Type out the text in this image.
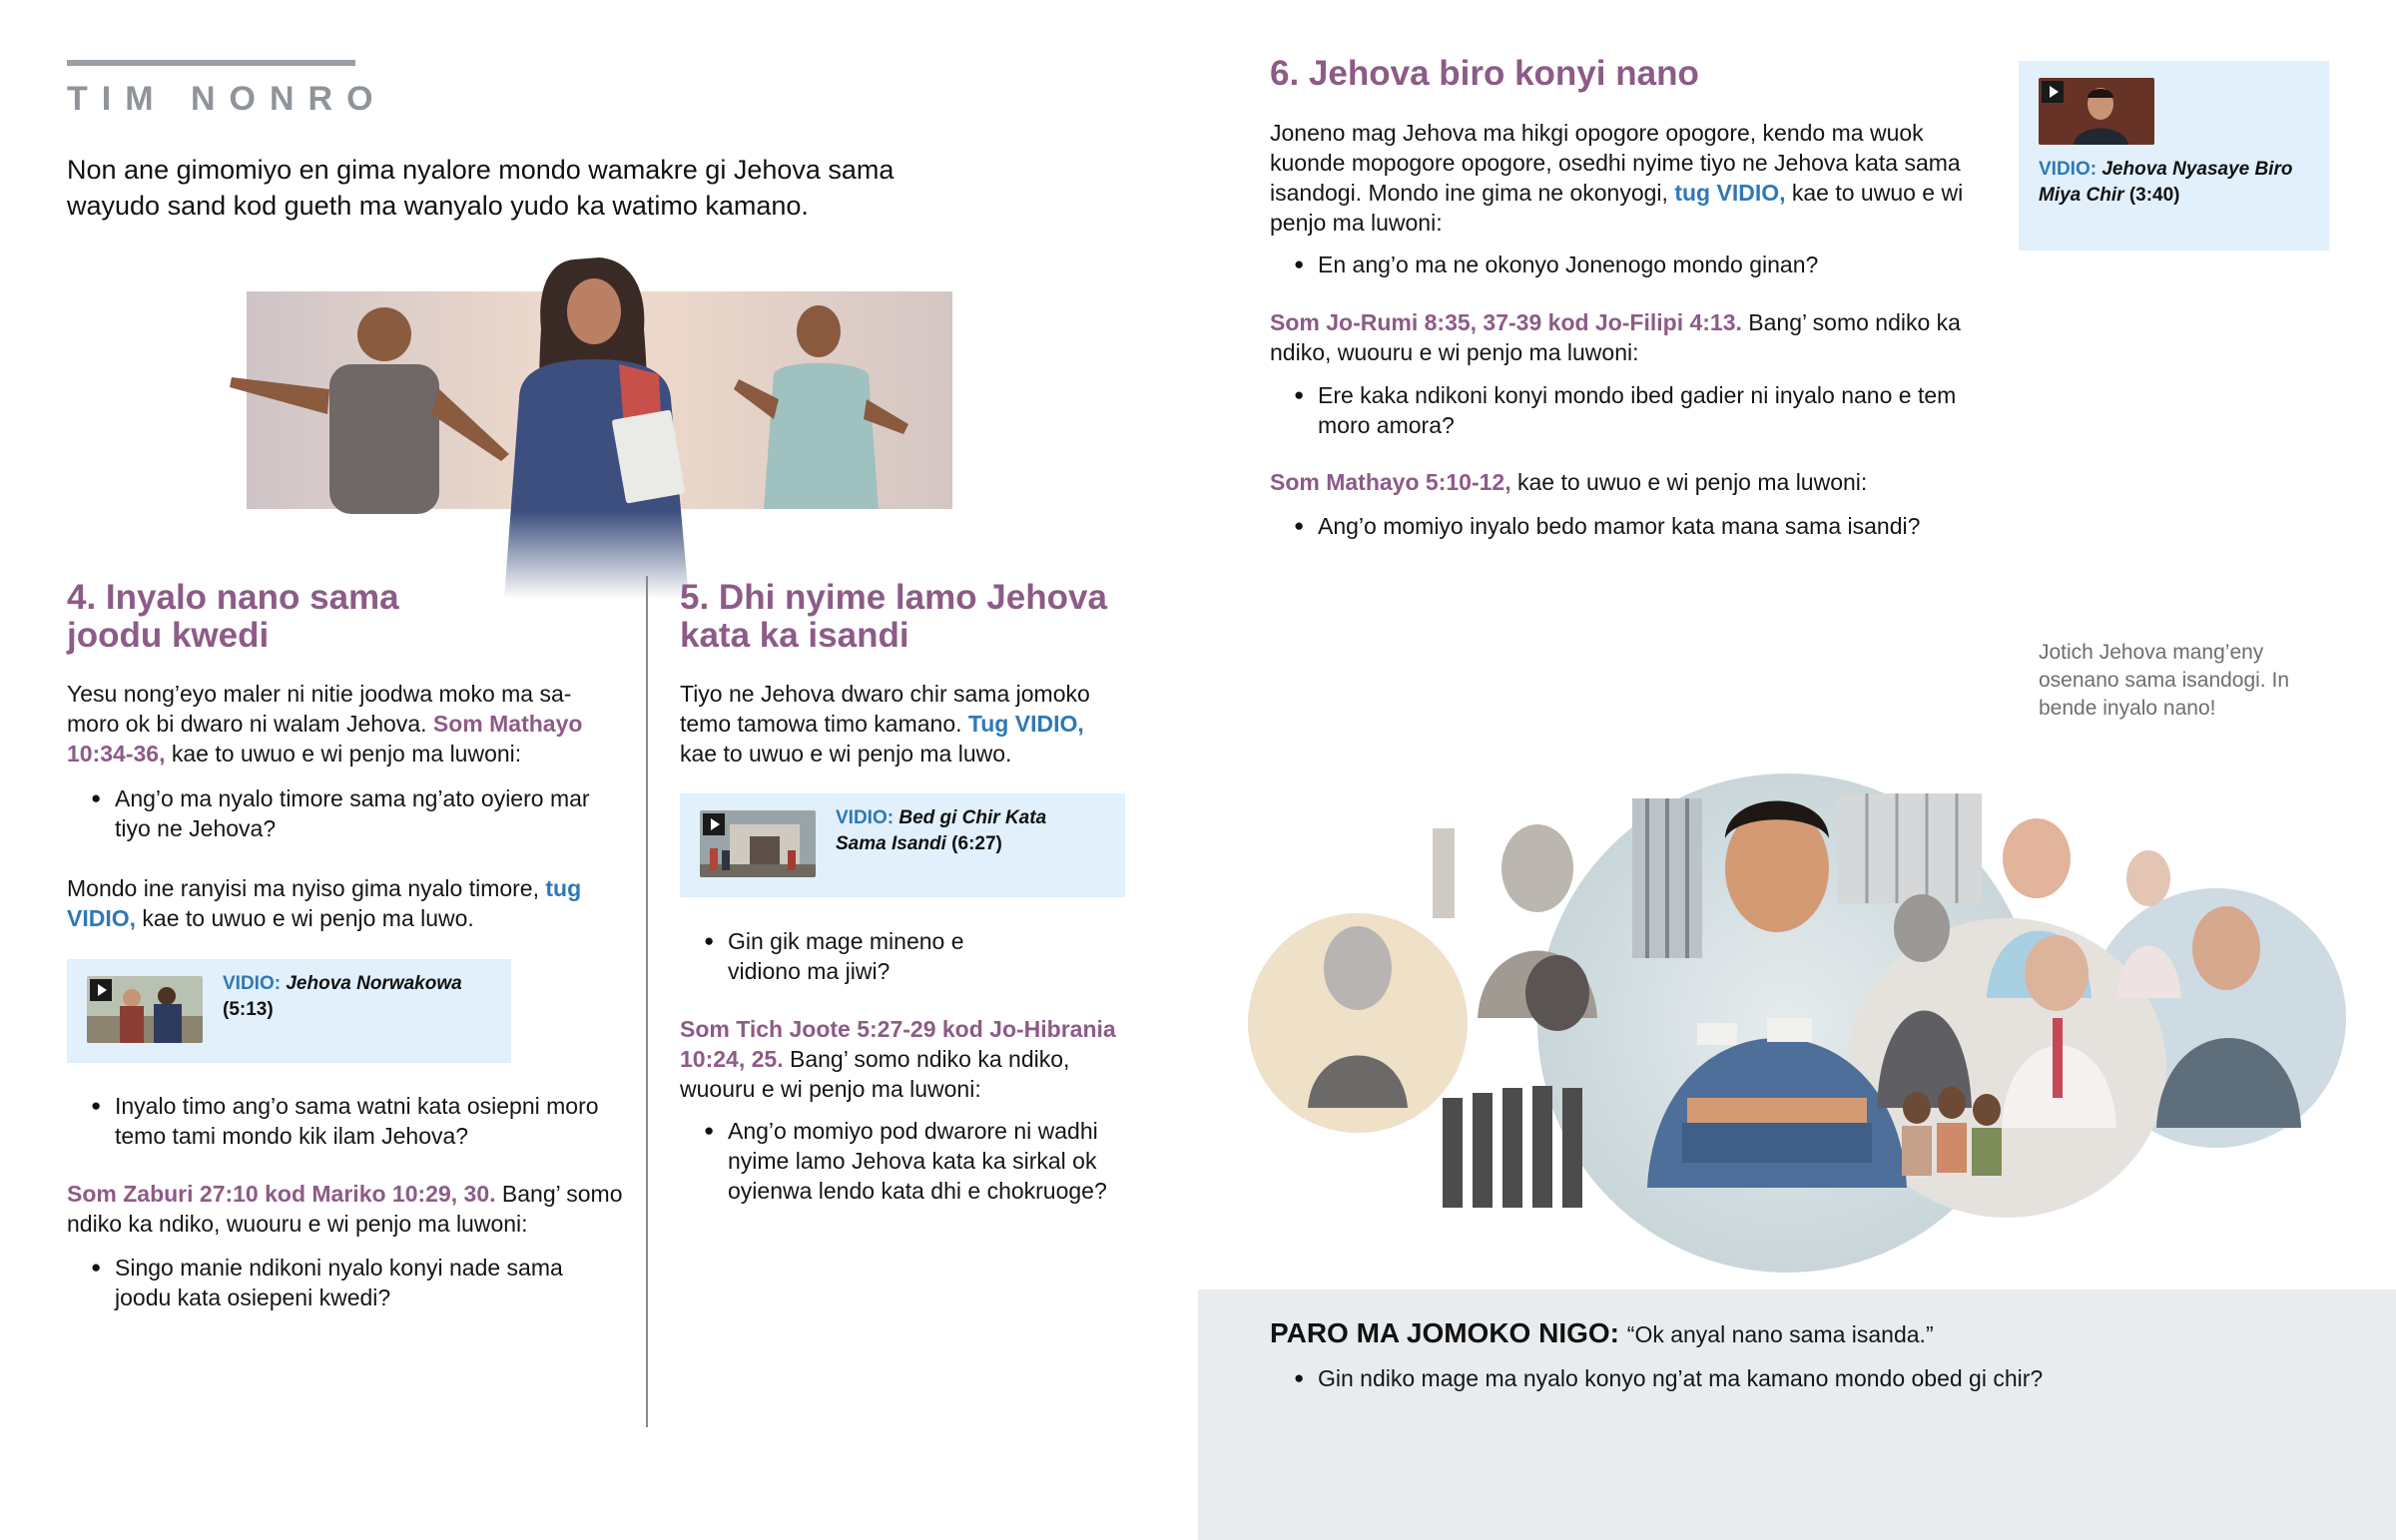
TIM NONRO
Non ane gimomiyo en gima nyalore mondo wamakre gi Jehova sama wayudo sand kod gueth ma wanyalo yudo ka watimo kamano.
4. Inyalo nano sama
joodu kwedi
Yesu nong’eyo maler ni nitie joodwa moko ma samoro ok bi dwaro ni walam Jehova. Som Mathayo 10:34-36, kae to uwuo e wi penjo ma luwoni:
● Ang’o ma nyalo timore sama ng’ato oyiero mar tiyo ne Jehova?
Mondo ine ranyisi ma nyiso gima nyalo timore, tug VIDIO, kae to uwuo e wi penjo ma luwo.
VIDIO: Jehova Norwakowa
(5:13)
● Inyalo timo ang’o sama watni kata osiepni moro temo tami mondo kik ilam Jehova?
Som Zaburi 27:10 kod Mariko 10:29, 30. Bang’ somo ndiko ka ndiko, wuouru e wi penjo ma luwoni:
● Singo manie ndikoni nyalo konyi nade sama joodu kata osiepeni kwedi?
5. Dhi nyime lamo Jehova
kata ka isandi
Tiyo ne Jehova dwaro chir sama jomoko temo tamowa timo kamano. Tug VIDIO, kae to uwuo e wi penjo ma luwo.
VIDIO: Bed gi Chir Kata
Sama Isandi (6:27)
● Gin gik mage mineno e vidiono ma jiwi?
Som Tich Joote 5:27-29 kod Jo-Hibrania 10:24, 25. Bang’ somo ndiko ka ndiko, wuouru e wi penjo ma luwoni:
● Ang’o momiyo pod dwarore ni wadhi nyime lamo Jehova kata ka sirkal ok oyienwa lendo kata dhi e chokruoge?
6. Jehova biro konyi nano
Joneno mag Jehova ma hikgi opogore opogore, kendo ma wuok kuonde mopogore opogore, osedhi nyime tiyo ne Jehova kata sama isandogi. Mondo ine gima ne okonyogi, tug VIDIO, kae to uwuo e wi penjo ma luwoni:
● En ang’o ma ne okonyo Jonenogo mondo ginan?
Som Jo-Rumi 8:35, 37-39 kod Jo-Filipi 4:13. Bang’ somo ndiko ka ndiko, wuouru e wi penjo ma luwoni:
● Ere kaka ndikoni konyi mondo ibed gadier ni inyalo nano e tem moro amora?
Som Mathayo 5:10-12, kae to uwuo e wi penjo ma luwoni:
● Ang’o momiyo inyalo bedo mamor kata mana sama isandi?
VIDIO: Jehova Nyasaye Biro
Miya Chir (3:40)
Jotich Jehova mang’eny osenano sama isandogi. In bende inyalo nano!
PARO MA JOMOKO NIGO: “Ok anyal nano sama isanda.”
● Gin ndiko mage ma nyalo konyo ng’at ma kamano mondo obed gi chir?
